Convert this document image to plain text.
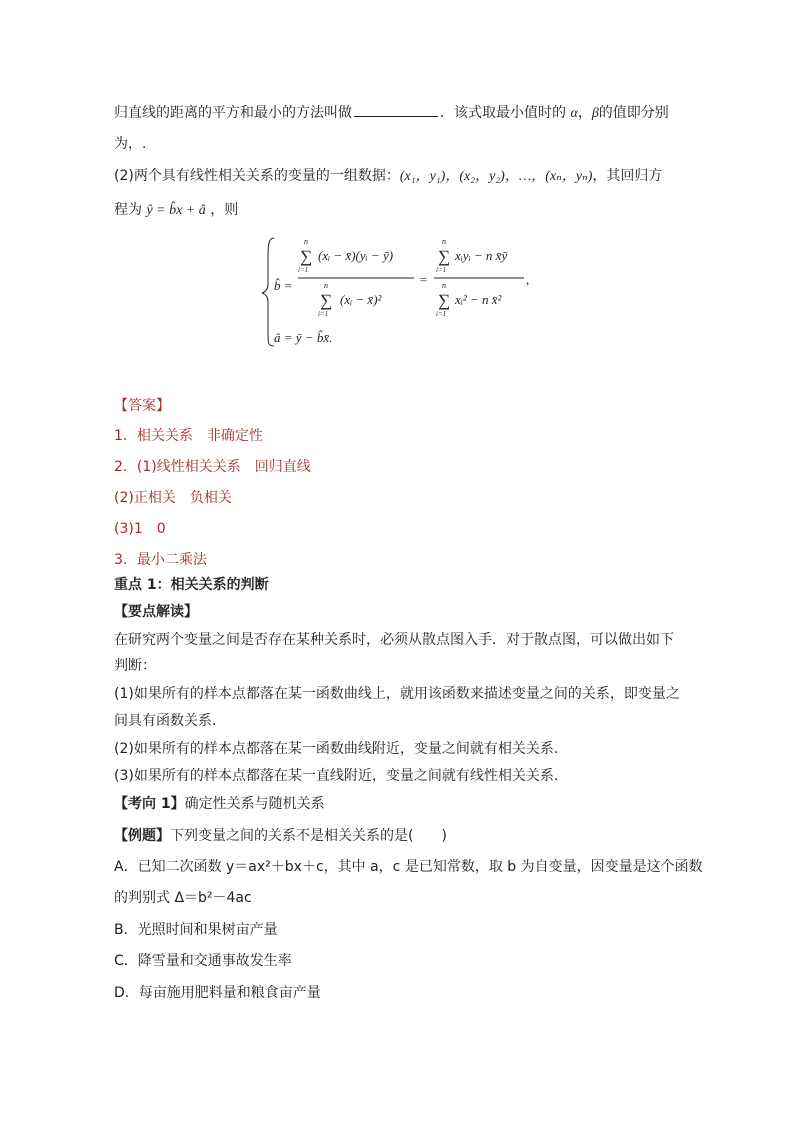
归直线的距离的平方和最小的方法叫做	．该式取最小值时的 α，β的值即分别
为，.
(2)两个具有线性相关关系的变量的一组数据：(x₁，y₁)，(x₂，y₂)，…，(xₙ，yₙ)，其回归方
程为 ŷ = b̂x + â ，则
b̂ =
n
∑
i=1
(xᵢ − x̄)(yᵢ − ȳ)
n
∑
i=1
(xᵢ − x̄)²
=
n
∑
i=1
xᵢyᵢ − n x̄ȳ
n
∑
i=1
xᵢ² − n x̄²
,
â = ȳ − b̂x̄.
【答案】
1．相关关系　非确定性
2．(1)线性相关关系　回归直线
(2)正相关　负相关
(3)1　0
3．最小二乘法
重点 1：相关关系的判断
【要点解读】
在研究两个变量之间是否存在某种关系时，必须从散点图入手．对于散点图，可以做出如下
判断：
(1)如果所有的样本点都落在某一函数曲线上，就用该函数来描述变量之间的关系，即变量之
间具有函数关系．
(2)如果所有的样本点都落在某一函数曲线附近，变量之间就有相关关系．
(3)如果所有的样本点都落在某一直线附近，变量之间就有线性相关关系．
【考向 1】确定性关系与随机关系
【例题】下列变量之间的关系不是相关关系的是(　　)
A．已知二次函数 y＝ax²＋bx＋c，其中 a，c 是已知常数，取 b 为自变量，因变量是这个函数
的判别式 Δ＝b²－4ac
B．光照时间和果树亩产量
C．降雪量和交通事故发生率
D．每亩施用肥料量和粮食亩产量
